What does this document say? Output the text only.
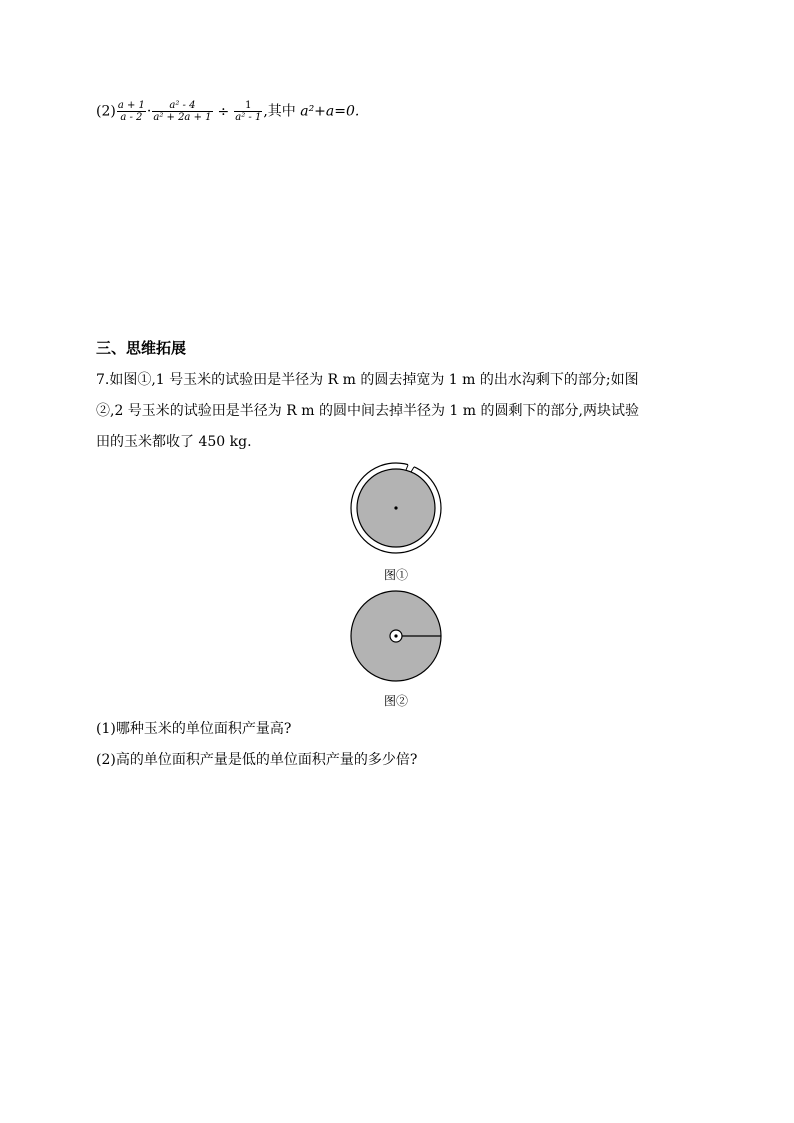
$(2) \frac{a + 1}{a - 2} \cdot \frac{\text{a² - 4}}{\text{a² + 2a + 1}} \div \frac{1}{\text{a² - 1}}$ ,其中 a²+a=0.
三、思维拓展
7.如图①,1 号玉米的试验田是半径为 R m 的圆去掉宽为 1 m 的出水沟剩下的部分;如图
②,2 号玉米的试验田是半径为 R m 的圆中间去掉半径为 1 m 的圆剩下的部分,两块试验
田的玉米都收了 450 kg.
图①
图②
(1)哪种玉米的单位面积产量高?
(2)高的单位面积产量是低的单位面积产量的多少倍?
